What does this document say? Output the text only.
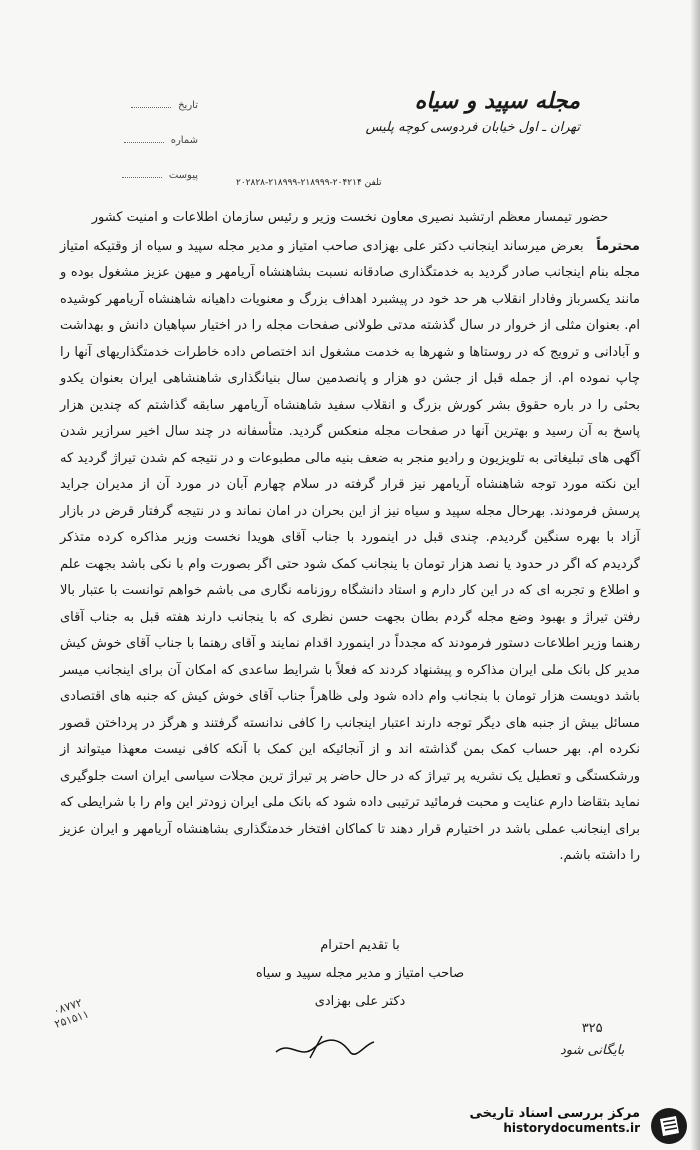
تاریخ
شماره
پیوست
مجله سپید و سیاه
تهران ـ اول خیابان فردوسی کوچه پلیس
تلفن ۲۰۴۲۱۴-۲۱۸۹۹۹-۲۱۸۹۹۹-۲۰۲۸۲۸
حضور تیمسار معظم ارتشبد نصیری معاون نخست وزیر و رئیس سازمان اطلاعات و امنیت کشور
محترماً بعرض میرساند اینجانب دکتر علی بهزادی صاحب امتیاز و مدیر مجله سپید و سیاه از وقتیکه امتیاز مجله بنام اینجانب صادر گردید به خدمتگذاری صادقانه نسبت بشاهنشاه آریامهر و میهن عزیز مشغول بوده و مانند یکسرباز وفادار انقلاب هر حد خود در پیشبرد اهداف بزرگ و معنویات داهیانه شاهنشاه آریامهر کوشیده ام. بعنوان مثلی از خروار در سال گذشته مدتی طولانی صفحات مجله را در اختیار سپاهیان دانش و بهداشت و آبادانی و ترویج که در روستاها و شهرها به خدمت مشغول اند اختصاص داده خاطرات خدمتگذاریهای آنها را چاپ نموده ام. از جمله قبل از جشن دو هزار و پانصدمین سال بنیانگذاری شاهنشاهی ایران بعنوان یکدو بحثی را در باره حقوق بشر کورش بزرگ و انقلاب سفید شاهنشاه آریامهر سابقه گذاشتم که چندین هزار پاسخ به آن رسید و بهترین آنها در صفحات مجله منعکس گردید. متأسفانه در چند سال اخیر سرازیر شدن آگهی های تبلیغاتی به تلویزیون و رادیو منجر به ضعف بنیه مالی مطبوعات و در نتیجه کم شدن تیراژ گردید که این نکته مورد توجه شاهنشاه آریامهر نیز قرار گرفته در سلام چهارم آبان در مورد آن از مدیران جراید پرسش فرمودند. بهرحال مجله سپید و سیاه نیز از این بحران در امان نماند و در نتیجه گرفتار قرض در بازار آزاد با بهره سنگین گردیدم. چندی قبل در اینمورد با جناب آقای هویدا نخست وزیر مذاکره کرده متذکر گردیدم که اگر در حدود یا نصد هزار تومان با ینجانب کمک شود حتی اگر بصورت وام با نکی باشد بجهت علم و اطلاع و تجربه ای که در این کار دارم و استاد دانشگاه روزنامه نگاری می باشم خواهم توانست با عتبار بالا رفتن تیراژ و بهبود وضع مجله گردم بطان بجهت حسن نظری که با ینجانب دارند هفته قبل به جناب آقای رهنما وزیر اطلاعات دستور فرمودند که مجدداً در اینمورد اقدام نمایند و آقای رهنما با جناب آقای خوش کیش مدیر کل بانک ملی ایران مذاکره و پیشنهاد کردند که فعلاً با شرایط ساعدی که امکان آن برای اینجانب میسر باشد دویست هزار تومان با بنجانب وام داده شود ولی ظاهراً جناب آقای خوش کیش که جنبه های اقتصادی مسائل بیش از جنبه های دیگر توجه دارند اعتبار اینجانب را کافی ندانسته گرفتند و هرگز در پرداختن قصور نکرده ام. بهر حساب کمک بمن گذاشته اند و از آنجائیکه این کمک با آنکه کافی نیست معهذا میتواند از ورشکستگی و تعطیل یک نشریه پر تیراژ که در حال حاضر پر تیراژ ترین مجلات سیاسی ایران است جلوگیری نماید بتقاضا دارم عنایت و محبت فرمائید ترتیبی داده شود که بانک ملی ایران زودتر این وام را با شرایطی که برای اینجانب عملی باشد در اختیارم قرار دهند تا کماکان افتخار خدمتگذاری بشاهنشاه آریامهر و ایران عزیز را داشته باشم.
با تقدیم احترام
صاحب امتیاز و مدیر مجله سپید و سیاه
دکتر علی بهزادی
۰۸۷۷۲
۲۵۱۵۱۱	۳۲۵
بایگانی شود
مرکز بررسی اسناد تاریخی
historydocuments.ir
